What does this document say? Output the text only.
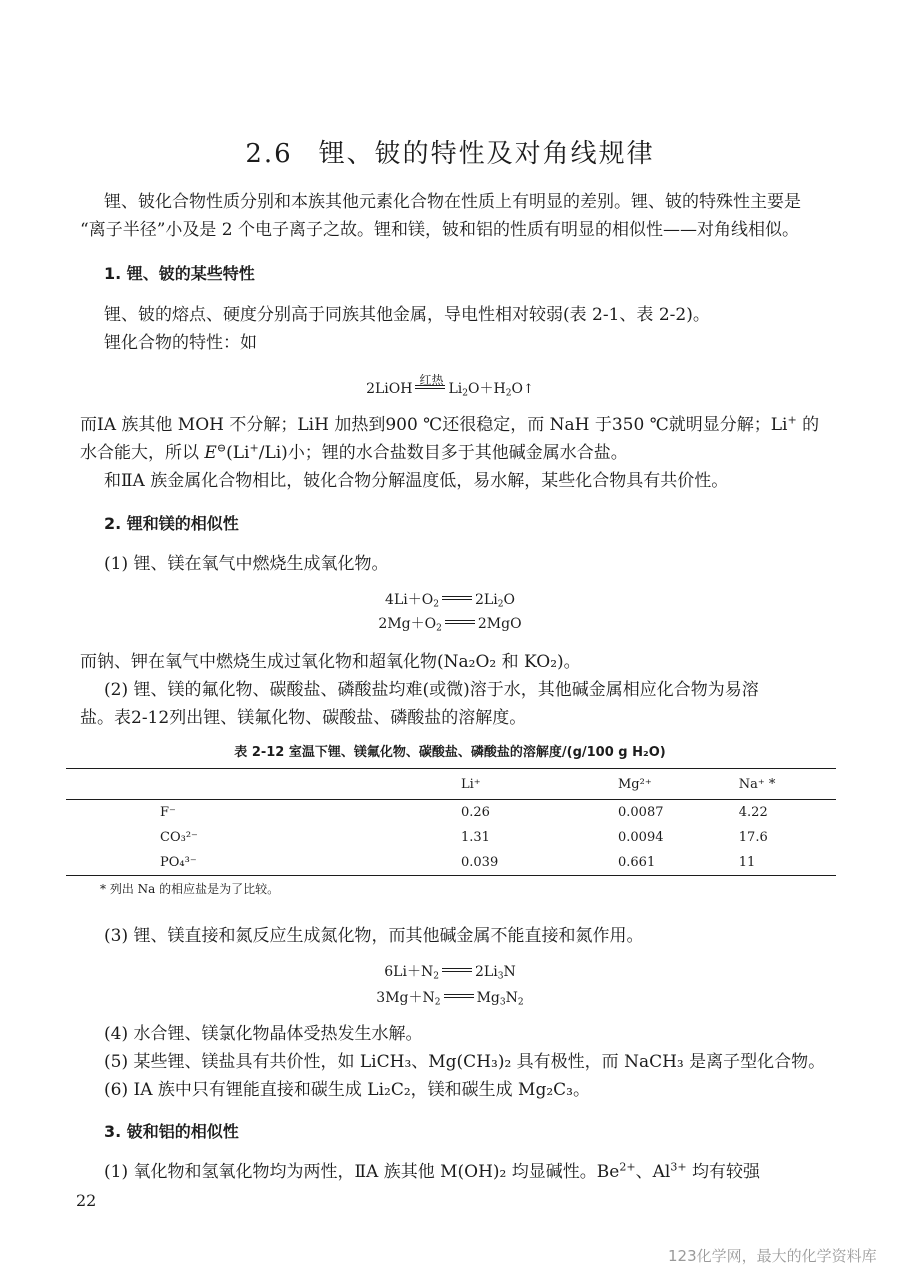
2.6 锂、铍的特性及对角线规律
锂、铍化合物性质分别和本族其他元素化合物在性质上有明显的差别。锂、铍的特殊性主要是
“离子半径”小及是 2 个电子离子之故。锂和镁，铍和铝的性质有明显的相似性——对角线相似。
1. 锂、铍的某些特性
锂、铍的熔点、硬度分别高于同族其他金属，导电性相对较弱(表 2-1、表 2-2)。
锂化合物的特性：如
2LiOH
红热
$Li_2O+H_2O↑$
而ⅠA 族其他 MOH 不分解；LiH 加热到900 ℃还很稳定，而 NaH 于350 ℃就明显分解；Li+ 的
水合能大，所以 E⊖(Li+/Li)小；锂的水合盐数目多于其他碱金属水合盐。
和ⅡA 族金属化合物相比，铍化合物分解温度低，易水解，某些化合物具有共价性。
2. 锂和镁的相似性
(1) 锂、镁在氧气中燃烧生成氧化物。
$4Li+O_2$	$2Li_2O$
$2Mg+O_2$	2MgO
而钠、钾在氧气中燃烧生成过氧化物和超氧化物(Na₂O₂ 和 KO₂)。
(2) 锂、镁的氟化物、碳酸盐、磷酸盐均难(或微)溶于水，其他碱金属相应化合物为易溶
盐。表2-12列出锂、镁氟化物、碳酸盐、磷酸盐的溶解度。
表 2-12 室温下锂、镁氟化物、碳酸盐、磷酸盐的溶解度/(g/100 g H₂O)
	Li⁺	Mg²⁺	Na⁺ *
F⁻	0.26	0.0087	4.22
CO₃²⁻	1.31	0.0094	17.6
PO₄³⁻	0.039	0.661	11
* 列出 Na 的相应盐是为了比较。
(3) 锂、镁直接和氮反应生成氮化物，而其他碱金属不能直接和氮作用。
$6Li+N_2$	$2Li_3N$
$3Mg+N_2$	$Mg_3N_2$
(4) 水合锂、镁氯化物晶体受热发生水解。
(5) 某些锂、镁盐具有共价性，如 LiCH₃、Mg(CH₃)₂ 具有极性，而 NaCH₃ 是离子型化合物。
(6) ⅠA 族中只有锂能直接和碳生成 Li₂C₂，镁和碳生成 Mg₂C₃。
3. 铍和铝的相似性
(1) 氧化物和氢氧化物均为两性，ⅡA 族其他 M(OH)₂ 均显碱性。$Be^{2+}$、$Al^{3+}$ 均有较强
22
123化学网，最大的化学资料库
